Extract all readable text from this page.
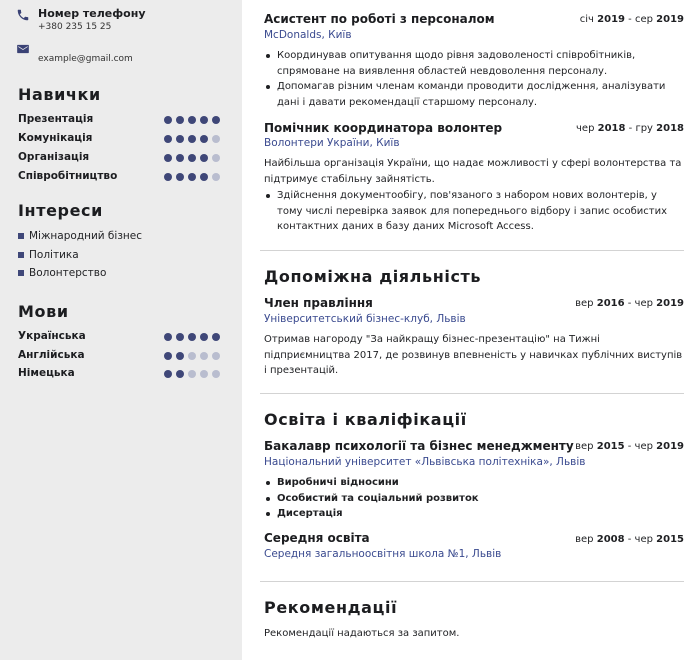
Номер телефону
+380 235 15 25
example@gmail.com
Навички
Презентація
Комунікація
Організація
Співробітництво
Інтереси
Міжнародний бізнес
Політика
Волонтерство
Мови
Українська
Англійська
Німецька
Асистент по роботі з персоналом	січ 2019 - сер 2019
McDonalds, Київ
Координував опитування щодо рівня задоволеності співробітників, спрямоване на виявлення областей невдоволення персоналу.
Допомагав різним членам команди проводити дослідження, аналізувати дані і давати рекомендації старшому персоналу.
Помічник координатора волонтер	чер 2018 - гру 2018
Волонтери України, Київ
Найбільша організація України, що надає можливості у сфері волонтерства та підтримує стабільну зайнятість.
Здійснення документообігу, пов'язаного з набором нових волонтерів, у тому числі перевірка заявок для попереднього відбору і запис особистих контактних даних в базу даних Microsoft Access.
Допоміжна діяльність
Член правління	вер 2016 - чер 2019
Університетський бізнес-клуб, Львів
Отримав нагороду "За найкращу бізнес-презентацію" на Тижні підприємництва 2017, де розвинув впевненість у навичках публічних виступів і презентацій.
Освіта і кваліфікації
Бакалавр психології та бізнес менеджменту вер 2015 - чер 2019
Національний університет «Львівська політехніка», Львів
Виробничі відносини
Особистий та соціальний розвиток
Дисертація
Середня освіта	вер 2008 - чер 2015
Середня загальноосвітня школа №1, Львів
Рекомендації
Рекомендації надаються за запитом.
